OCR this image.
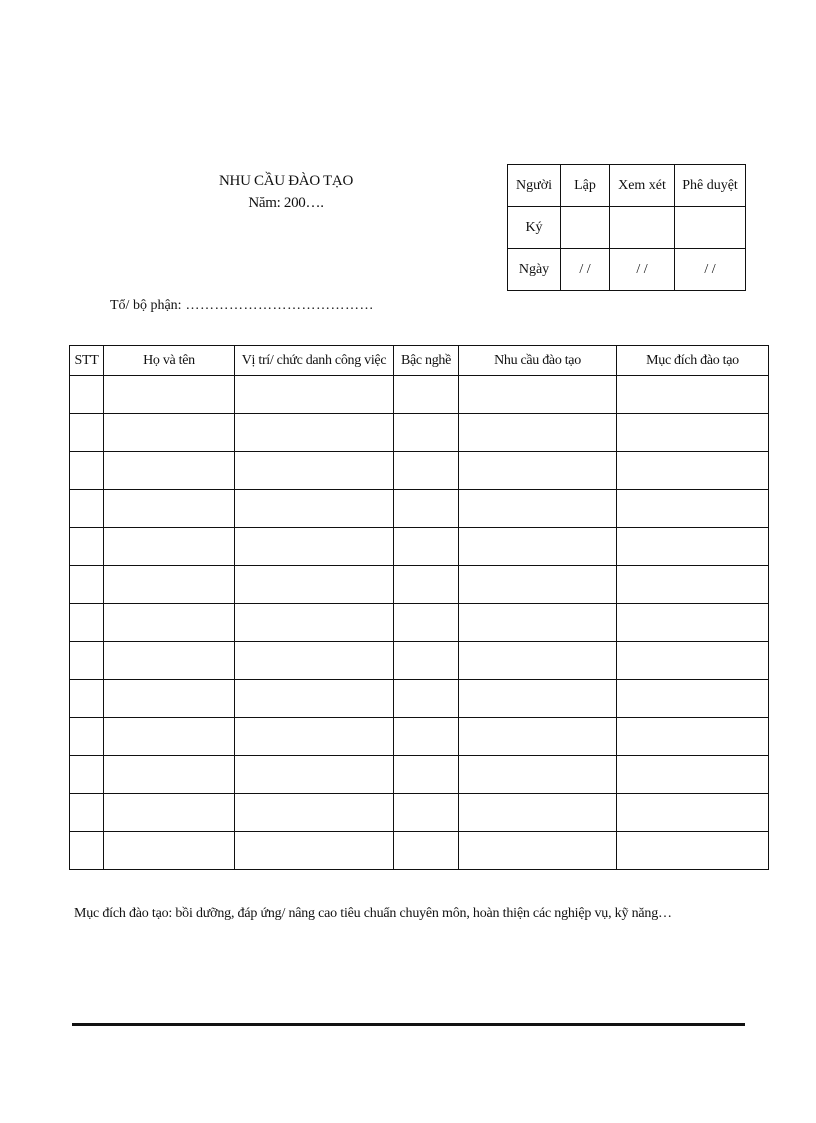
NHU CẦU ĐÀO TẠO
Năm: 200….
Người	Lập	Xem xét	Phê duyệt
Ký			
Ngày	/ /	/ /	/ /
Tổ/ bộ phận: …………………………………
STT	Họ và tên	Vị trí/ chức danh công việc	Bậc nghề	Nhu cầu đào tạo	Mục đích đào tạo

Mục đích đào tạo: bồi dưỡng, đáp ứng/ nâng cao tiêu chuẩn chuyên môn, hoàn thiện các nghiệp vụ, kỹ năng…
